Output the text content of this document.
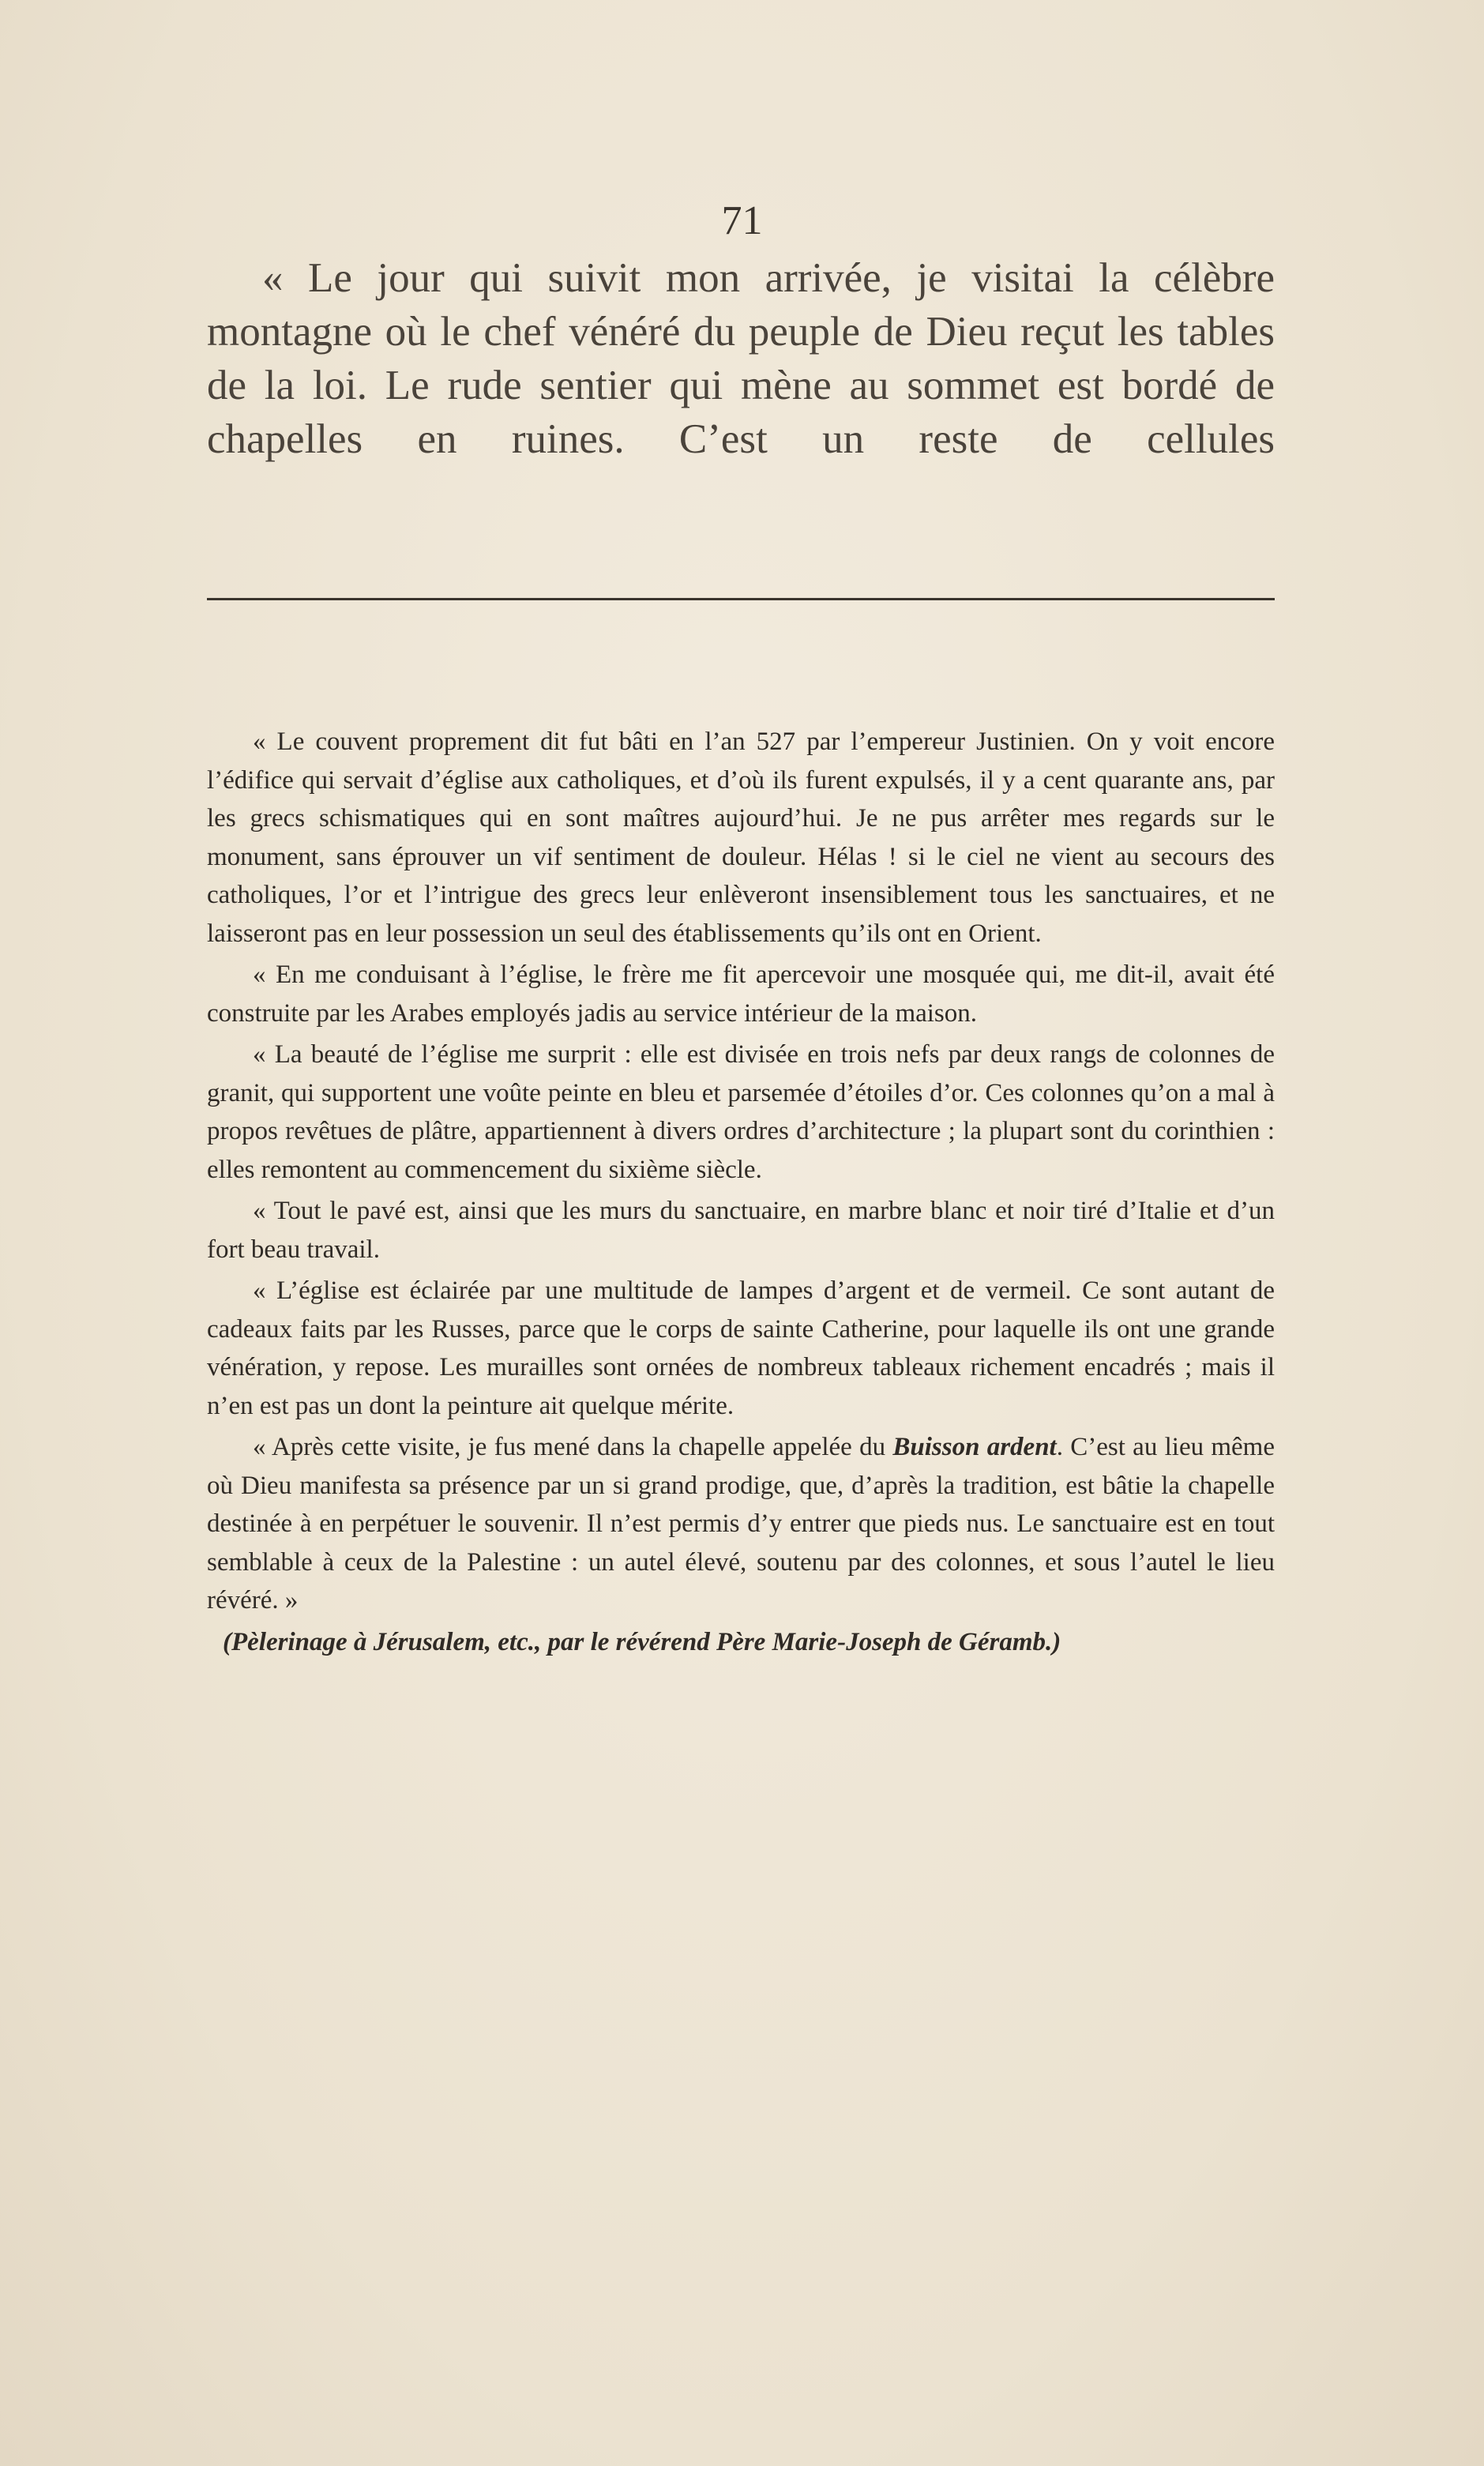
71

« Le jour qui suivit mon arrivée, je visitai la célèbre montagne où le chef vénéré du peuple de Dieu reçut les tables de la loi. Le rude sentier qui mène au sommet est bordé de chapelles en ruines. C’est un reste de cellules

« Le couvent proprement dit fut bâti en l’an 527 par l’empereur Justinien. On y voit encore l’édifice qui servait d’église aux catholiques, et d’où ils furent expulsés, il y a cent quarante ans, par les grecs schismatiques qui en sont maîtres aujourd’hui. Je ne pus arrêter mes regards sur le monument, sans éprouver un vif sentiment de douleur. Hélas ! si le ciel ne vient au secours des catholiques, l’or et l’intrigue des grecs leur enlèveront insensiblement tous les sanctuaires, et ne laisseront pas en leur possession un seul des établissements qu’ils ont en Orient.

« En me conduisant à l’église, le frère me fit apercevoir une mosquée qui, me dit-il, avait été construite par les Arabes employés jadis au service intérieur de la maison.

« La beauté de l’église me surprit : elle est divisée en trois nefs par deux rangs de colonnes de granit, qui supportent une voûte peinte en bleu et parsemée d’étoiles d’or. Ces colonnes qu’on a mal à propos revêtues de plâtre, appartiennent à divers ordres d’architecture ; la plupart sont du corinthien : elles remontent au commencement du sixième siècle.

« Tout le pavé est, ainsi que les murs du sanctuaire, en marbre blanc et noir tiré d’Italie et d’un fort beau travail.

« L’église est éclairée par une multitude de lampes d’argent et de vermeil. Ce sont autant de cadeaux faits par les Russes, parce que le corps de sainte Catherine, pour laquelle ils ont une grande vénération, y repose. Les murailles sont ornées de nombreux tableaux richement encadrés ; mais il n’en est pas un dont la peinture ait quelque mérite.

« Après cette visite, je fus mené dans la chapelle appelée du Buisson ardent. C’est au lieu même où Dieu manifesta sa présence par un si grand prodige, que, d’après la tradition, est bâtie la chapelle destinée à en perpétuer le souvenir. Il n’est permis d’y entrer que pieds nus. Le sanctuaire est en tout semblable à ceux de la Palestine : un autel élevé, soutenu par des colonnes, et sous l’autel le lieu révéré. »

(Pèlerinage à Jérusalem, etc., par le révérend Père Marie-Joseph de Géramb.)
